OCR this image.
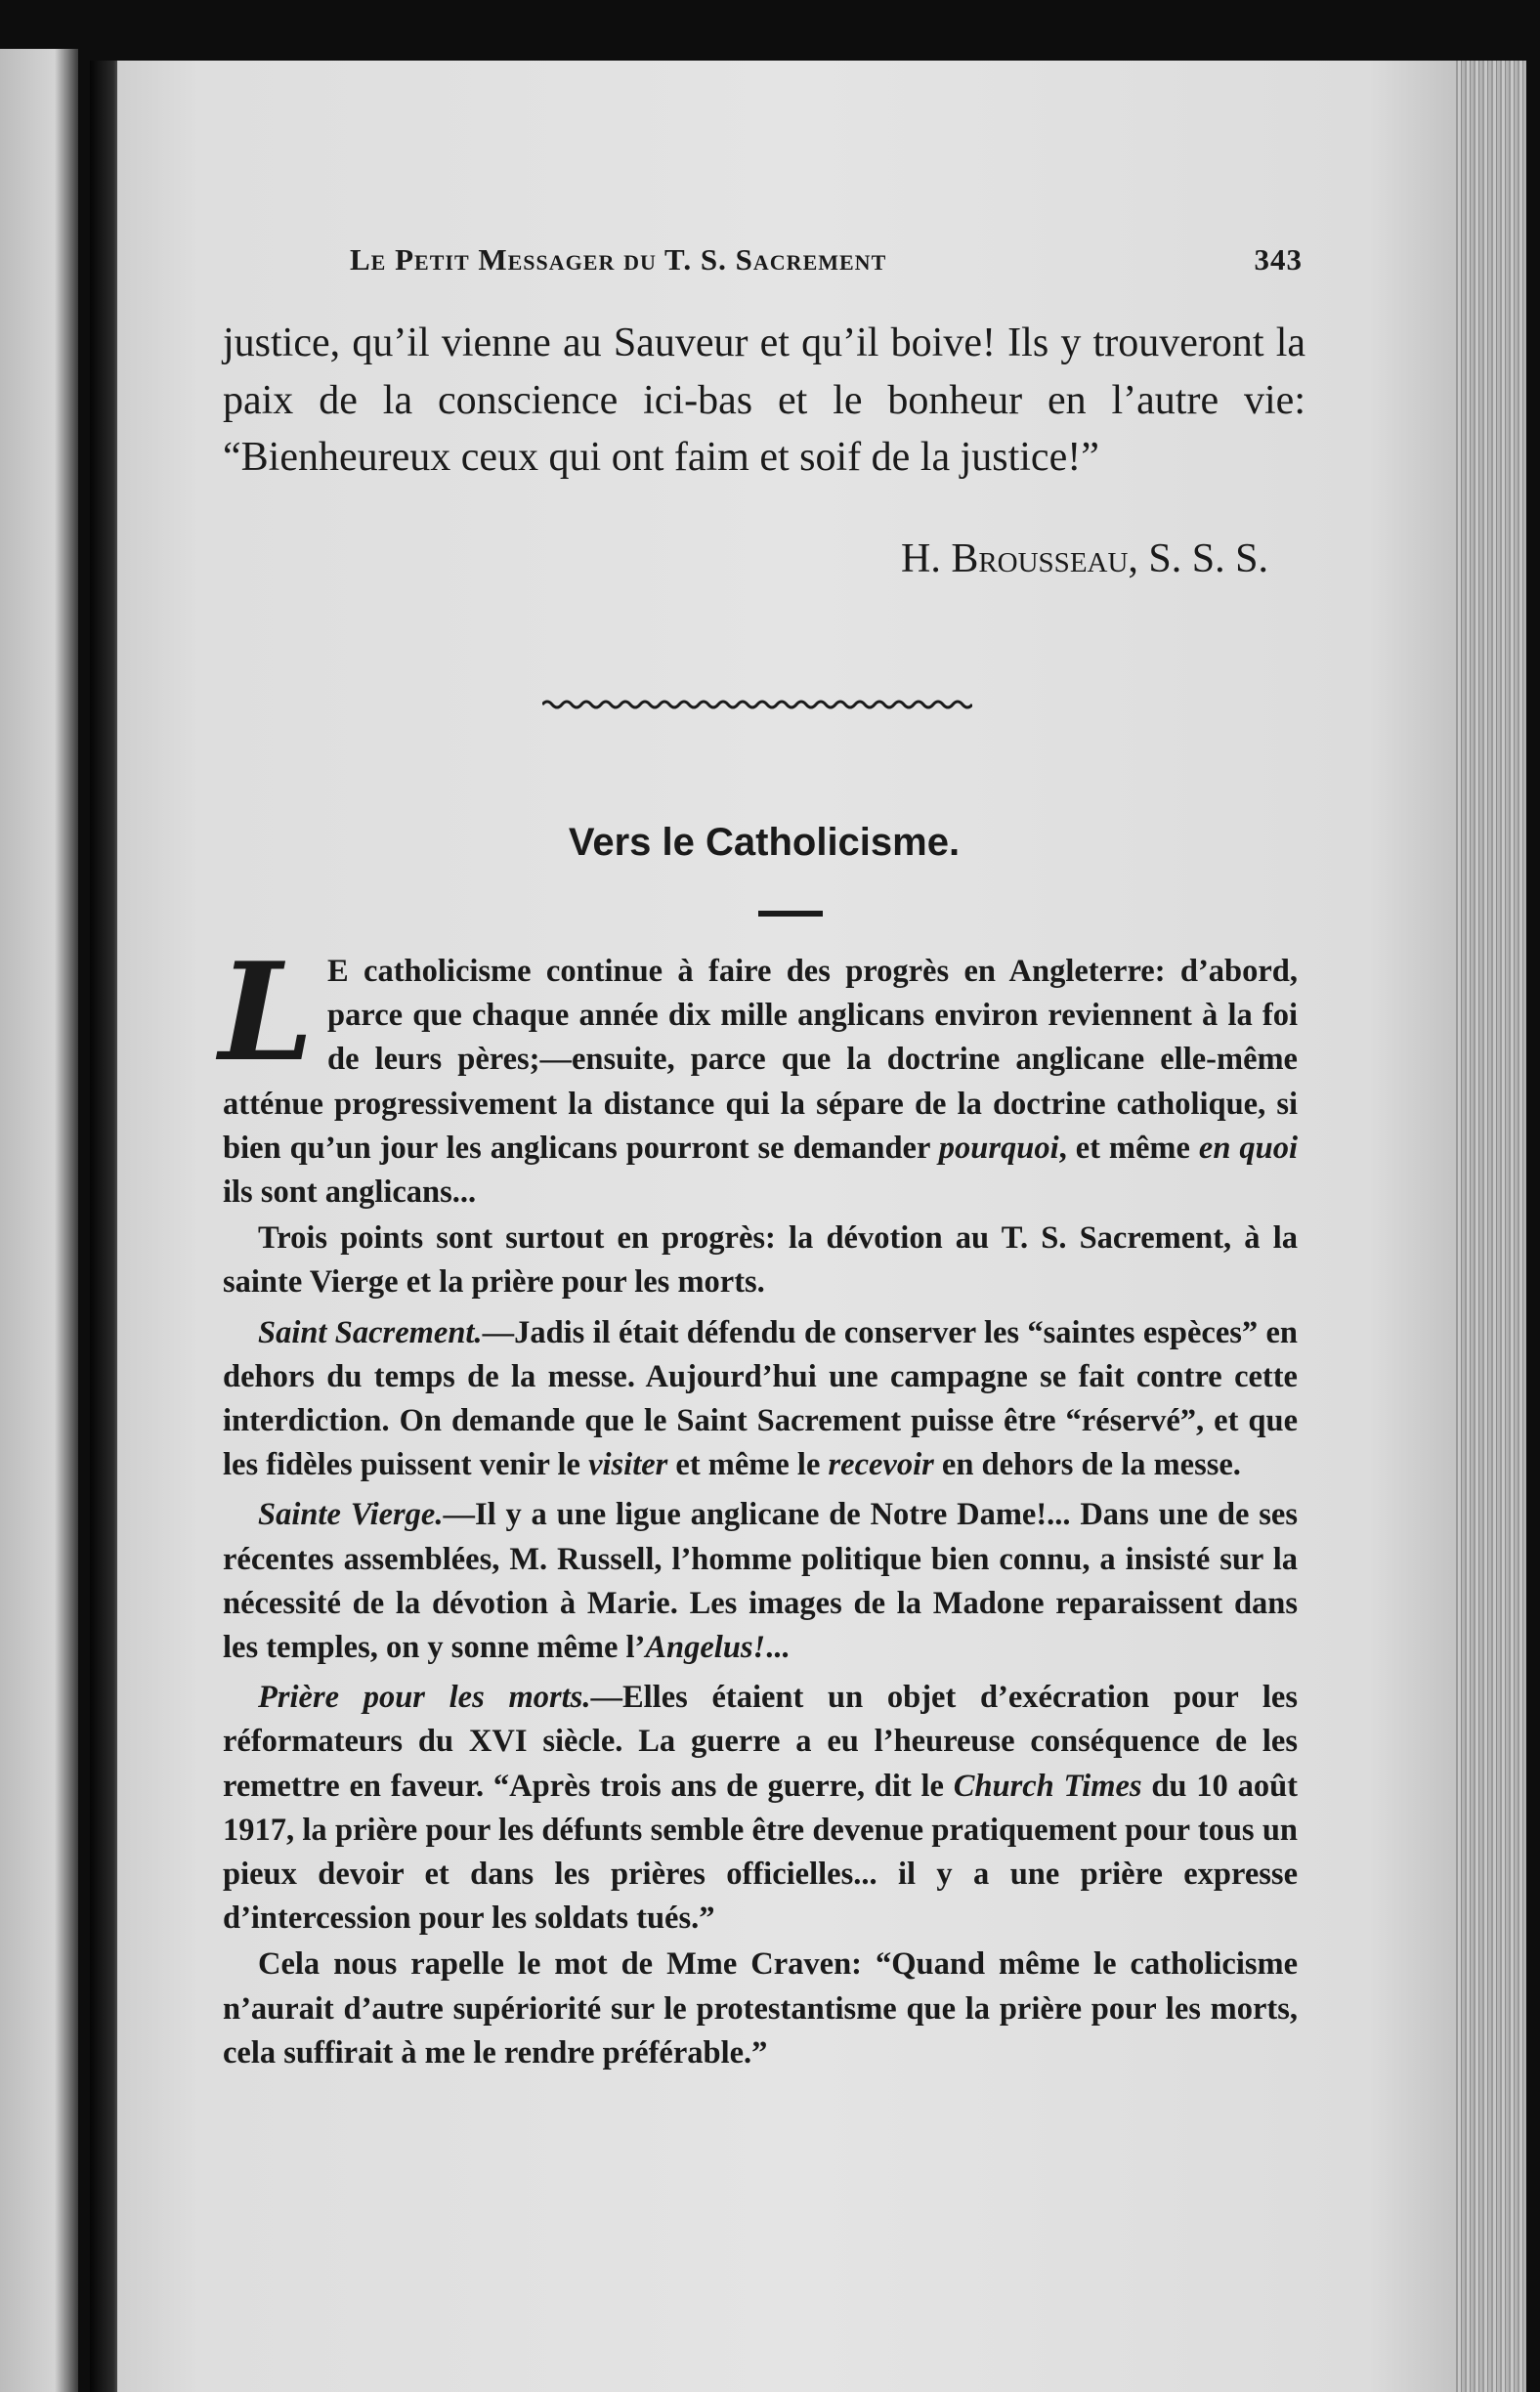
Le Petit Messager du T. S. Sacrement	343
justice, qu’il vienne au Sauveur et qu’il boive! Ils y trouveront la paix de la conscience ici-bas et le bonheur en l’autre vie: “Bienheureux ceux qui ont faim et soif de la justice!”
H. Brousseau, S. S. S.
Vers le Catholicisme.

L E catholicisme continue à faire des progrès en Angleterre: d’abord, parce que chaque année dix mille anglicans environ reviennent à la foi de leurs pères;—ensuite, parce que la doctrine anglicane elle-même atténue progressivement la distance qui la sépare de la doctrine catholique, si bien qu’un jour les anglicans pourront se demander pourquoi, et même en quoi ils sont anglicans...

Trois points sont surtout en progrès: la dévotion au T. S. Sacrement, à la sainte Vierge et la prière pour les morts.

Saint Sacrement.—Jadis il était défendu de conserver les “saintes espèces” en dehors du temps de la messe. Aujourd’hui une campagne se fait contre cette interdiction. On demande que le Saint Sacrement puisse être “réservé”, et que les fidèles puissent venir le visiter et même le recevoir en dehors de la messe.

Sainte Vierge.—Il y a une ligue anglicane de Notre Dame!... Dans une de ses récentes assemblées, M. Russell, l’homme politique bien connu, a insisté sur la nécessité de la dévotion à Marie. Les images de la Madone reparaissent dans les temples, on y sonne même l’Angelus!...

Prière pour les morts.—Elles étaient un objet d’exécration pour les réformateurs du XVI siècle. La guerre a eu l’heureuse conséquence de les remettre en faveur. “Après trois ans de guerre, dit le Church Times du 10 août 1917, la prière pour les défunts semble être devenue pratiquement pour tous un pieux devoir et dans les prières officielles... il y a une prière expresse d’intercession pour les soldats tués.”

Cela nous rapelle le mot de Mme Craven: “Quand même le catholicisme n’aurait d’autre supériorité sur le protestantisme que la prière pour les morts, cela suffirait à me le rendre préférable.”
